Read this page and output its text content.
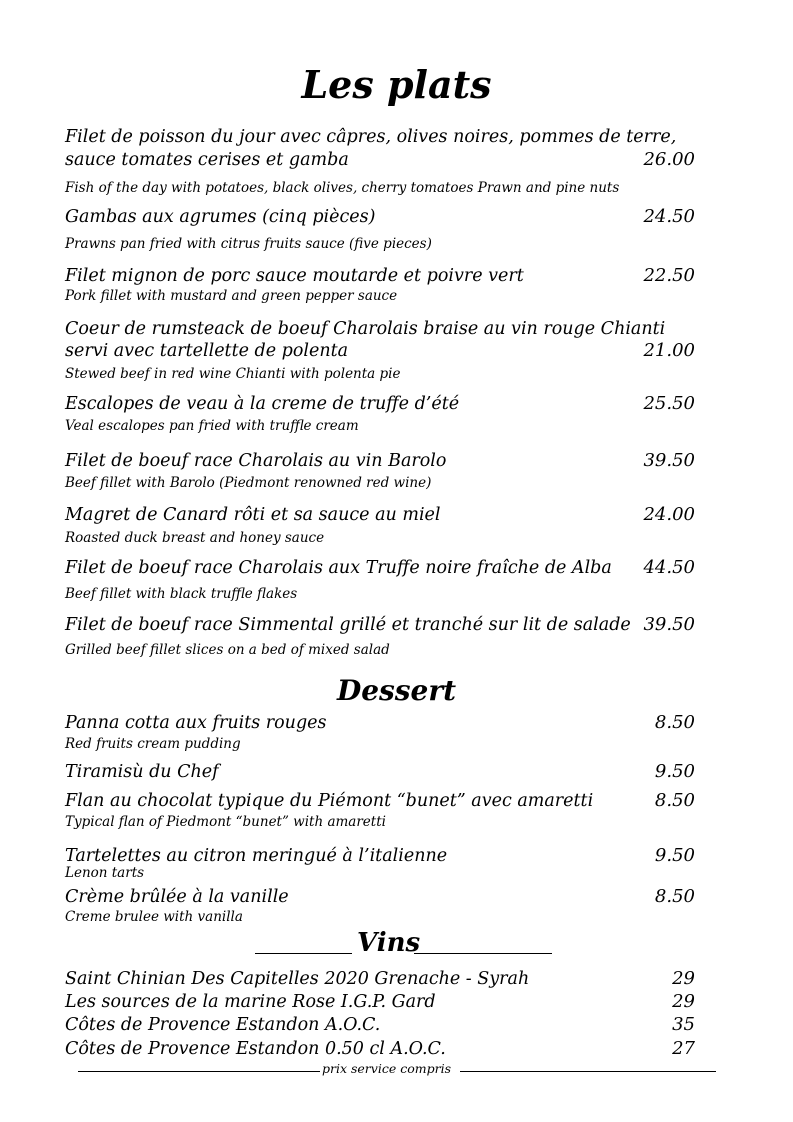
Les plats
Filet de poisson du jour avec câpres, olives noires, pommes de terre,
sauce tomates cerises et gamba	26.00
Fish of the day with potatoes, black olives, cherry tomatoes Prawn and pine nuts
Gambas aux agrumes (cinq pièces)	24.50
Prawns pan fried with citrus fruits sauce (five pieces)
Filet mignon de porc sauce moutarde et poivre vert	22.50
Pork fillet with mustard and green pepper sauce
Coeur de rumsteack de boeuf Charolais braise au vin rouge Chianti
servi avec tartellette de polenta	21.00
Stewed beef in red wine Chianti with polenta pie
Escalopes de veau à la creme de truffe d’été	25.50
Veal escalopes pan fried with truffle cream
Filet de boeuf race Charolais au vin Barolo	39.50
Beef fillet with Barolo (Piedmont renowned red wine)
Magret de Canard rôti et sa sauce au miel	24.00
Roasted duck breast and honey sauce
Filet de boeuf race Charolais aux Truffe noire fraîche de Alba 44.50
Beef fillet with black truffle flakes
Filet de boeuf race Simmental grillé et tranché sur lit de salade 39.50
Grilled beef fillet slices on a bed of mixed salad
Dessert
Panna cotta aux fruits rouges	8.50
Red fruits cream pudding
Tiramisù du Chef	9.50
Flan au chocolat typique du Piémont “bunet” avec amaretti	8.50
Typical flan of Piedmont “bunet” with amaretti
Tartelettes au citron meringué à l’italienne	9.50
Lenon tarts
Crème brûlée à la vanille	8.50
Creme brulee with vanilla
Vins
Saint Chinian Des Capitelles 2020 Grenache - Syrah	29
Les sources de la marine Rose I.G.P. Gard	29
Côtes de Provence Estandon A.O.C.	35
Côtes de Provence Estandon 0.50 cl A.O.C.	27
prix service compris
